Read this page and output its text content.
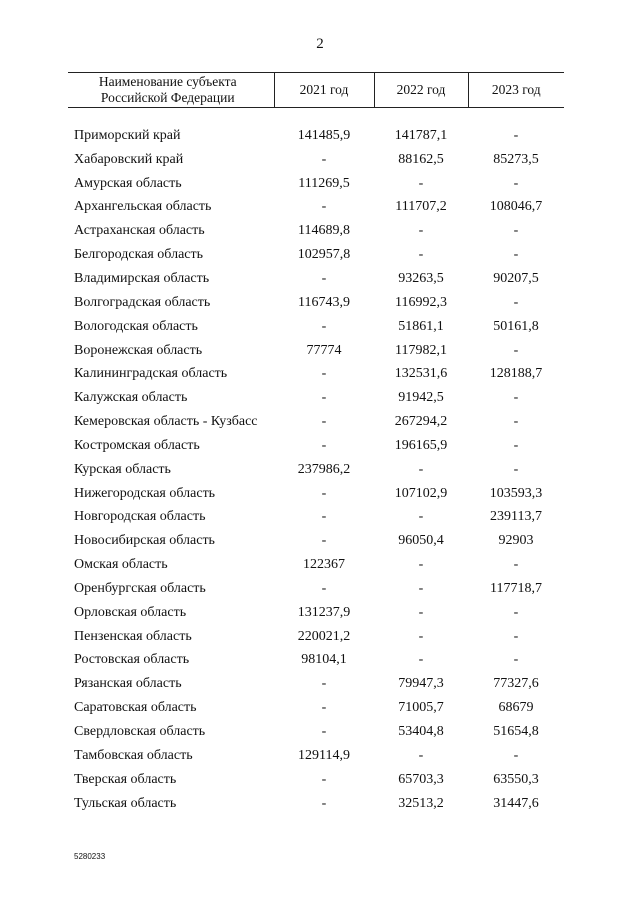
2
Наименование субъекта
Российской Федерации	2021 год	2022 год	2023 год

Приморский край	141485,9	141787,1	-
Хабаровский край	-	88162,5	85273,5
Амурская область	111269,5	-	-
Архангельская область	-	111707,2	108046,7
Астраханская область	114689,8	-	-
Белгородская область	102957,8	-	-
Владимирская область	-	93263,5	90207,5
Волгоградская область	116743,9	116992,3	-
Вологодская область	-	51861,1	50161,8
Воронежская область	77774	117982,1	-
Калининградская область	-	132531,6	128188,7
Калужская область	-	91942,5	-
Кемеровская область - Кузбасс	-	267294,2	-
Костромская область	-	196165,9	-
Курская область	237986,2	-	-
Нижегородская область	-	107102,9	103593,3
Новгородская область	-	-	239113,7
Новосибирская область	-	96050,4	92903
Омская область	122367	-	-
Оренбургская область	-	-	117718,7
Орловская область	131237,9	-	-
Пензенская область	220021,2	-	-
Ростовская область	98104,1	-	-
Рязанская область	-	79947,3	77327,6
Саратовская область	-	71005,7	68679
Свердловская область	-	53404,8	51654,8
Тамбовская область	129114,9	-	-
Тверская область	-	65703,3	63550,3
Тульская область	-	32513,2	31447,6
5280233
